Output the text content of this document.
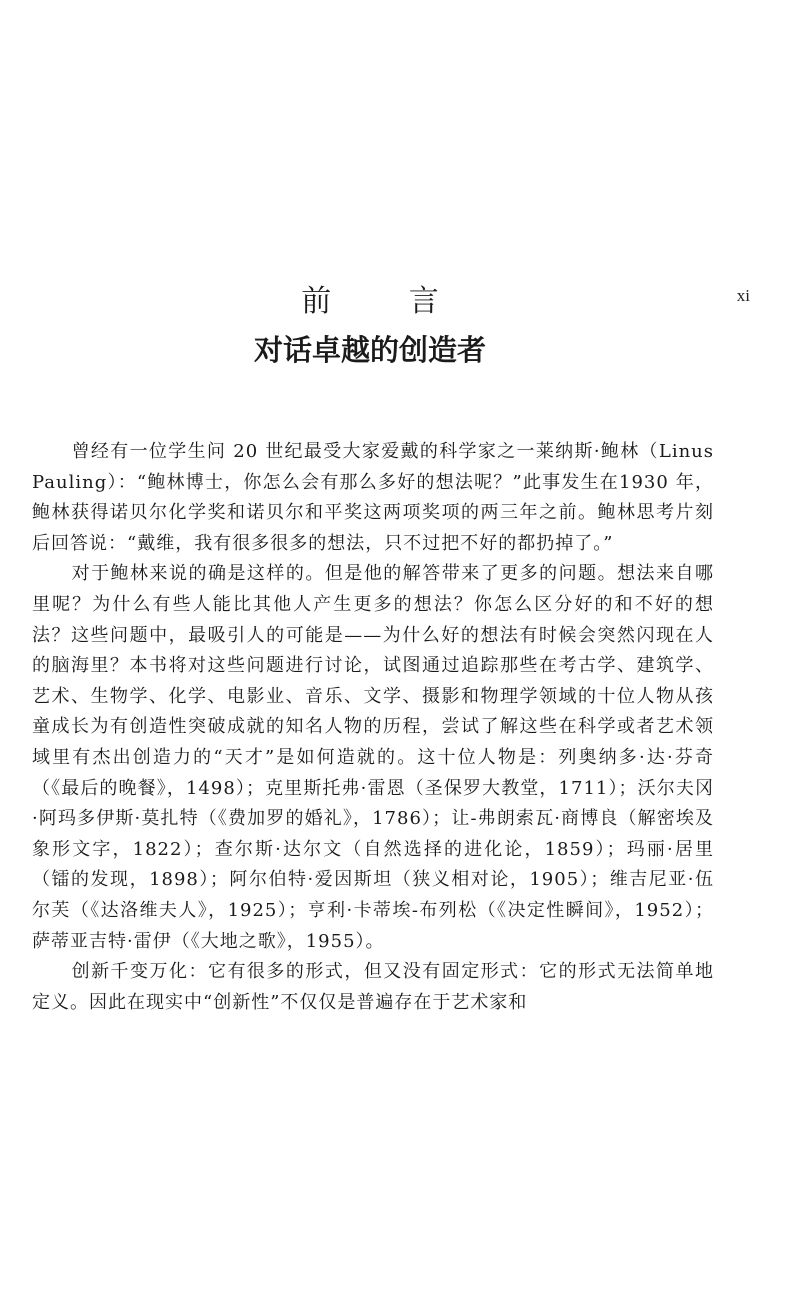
xi
前 言
对话卓越的创造者

曾经有一位学生问 20 世纪最受大家爱戴的科学家之一莱纳斯·鲍林（Linus Pauling）：“鲍林博士，你怎么会有那么多好的想法呢？”此事发生在1930 年，鲍林获得诺贝尔化学奖和诺贝尔和平奖这两项奖项的两三年之前。鲍林思考片刻后回答说：“戴维，我有很多很多的想法，只不过把不好的都扔掉了。”

对于鲍林来说的确是这样的。但是他的解答带来了更多的问题。想法来自哪里呢？为什么有些人能比其他人产生更多的想法？你怎么区分好的和不好的想法？这些问题中，最吸引人的可能是——为什么好的想法有时候会突然闪现在人的脑海里？本书将对这些问题进行讨论，试图通过追踪那些在考古学、建筑学、艺术、生物学、化学、电影业、音乐、文学、摄影和物理学领域的十位人物从孩童成长为有创造性突破成就的知名人物的历程，尝试了解这些在科学或者艺术领域里有杰出创造力的“天才”是如何造就的。这十位人物是：列奥纳多·达·芬奇（《最后的晚餐》，1498）；克里斯托弗·雷恩（圣保罗大教堂，1711）；沃尔夫冈·阿玛多伊斯·莫扎特（《费加罗的婚礼》，1786）；让-弗朗索瓦·商博良（解密埃及象形文字，1822）；查尔斯·达尔文（自然选择的进化论，1859）；玛丽·居里（镭的发现，1898）；阿尔伯特·爱因斯坦（狭义相对论，1905）；维吉尼亚·伍尔芙（《达洛维夫人》，1925）；亨利·卡蒂埃-布列松（《决定性瞬间》，1952）；萨蒂亚吉特·雷伊（《大地之歌》，1955）。

创新千变万化：它有很多的形式，但又没有固定形式：它的形式无法简单地定义。因此在现实中“创新性”不仅仅是普遍存在于艺术家和
